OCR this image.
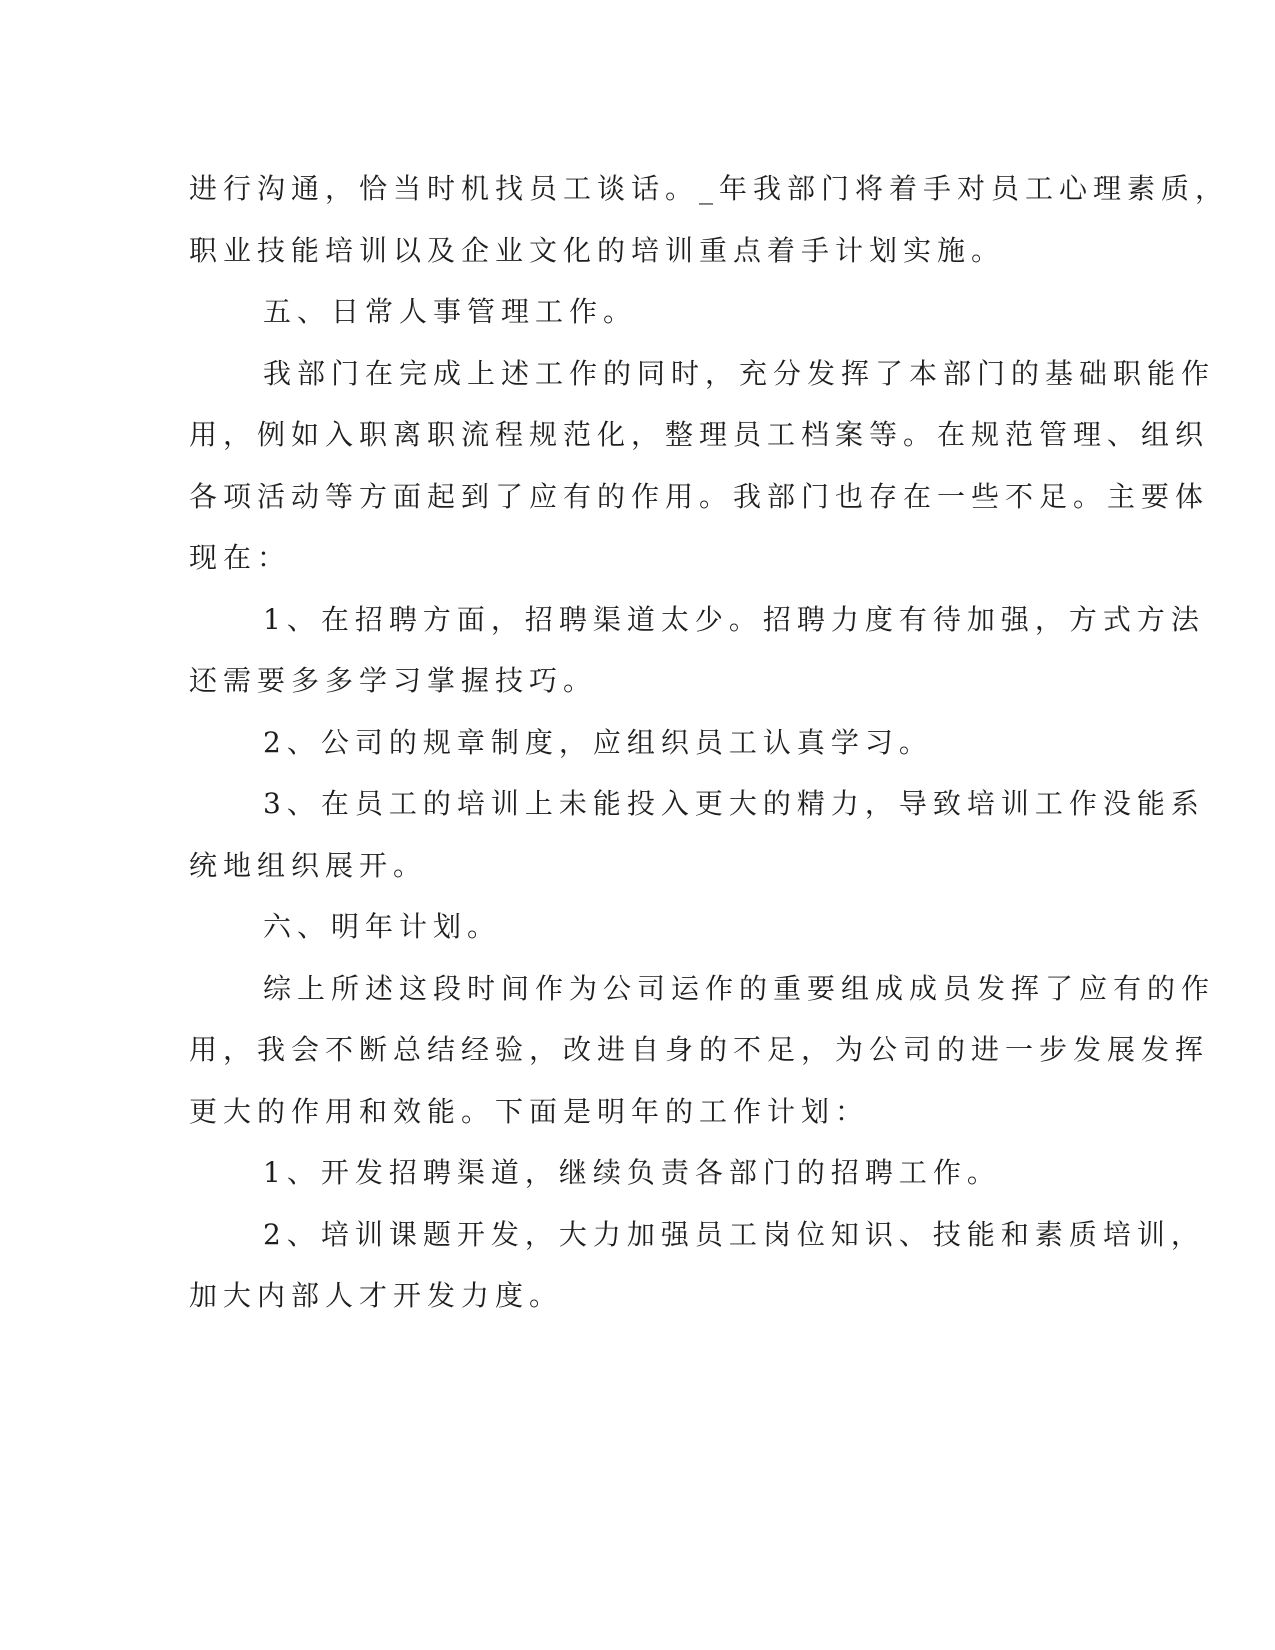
进行沟通，恰当时机找员工谈话。_年我部门将着手对员工心理素质，

职业技能培训以及企业文化的培训重点着手计划实施。

五、日常人事管理工作。

我部门在完成上述工作的同时，充分发挥了本部门的基础职能作

用，例如入职离职流程规范化，整理员工档案等。在规范管理、组织

各项活动等方面起到了应有的作用。我部门也存在一些不足。主要体

现在：

1、在招聘方面，招聘渠道太少。招聘力度有待加强，方式方法

还需要多多学习掌握技巧。

2、公司的规章制度，应组织员工认真学习。

3、在员工的培训上未能投入更大的精力，导致培训工作没能系

统地组织展开。

六、明年计划。

综上所述这段时间作为公司运作的重要组成成员发挥了应有的作

用，我会不断总结经验，改进自身的不足，为公司的进一步发展发挥

更大的作用和效能。下面是明年的工作计划：

1、开发招聘渠道，继续负责各部门的招聘工作。

2、培训课题开发，大力加强员工岗位知识、技能和素质培训，

加大内部人才开发力度。
